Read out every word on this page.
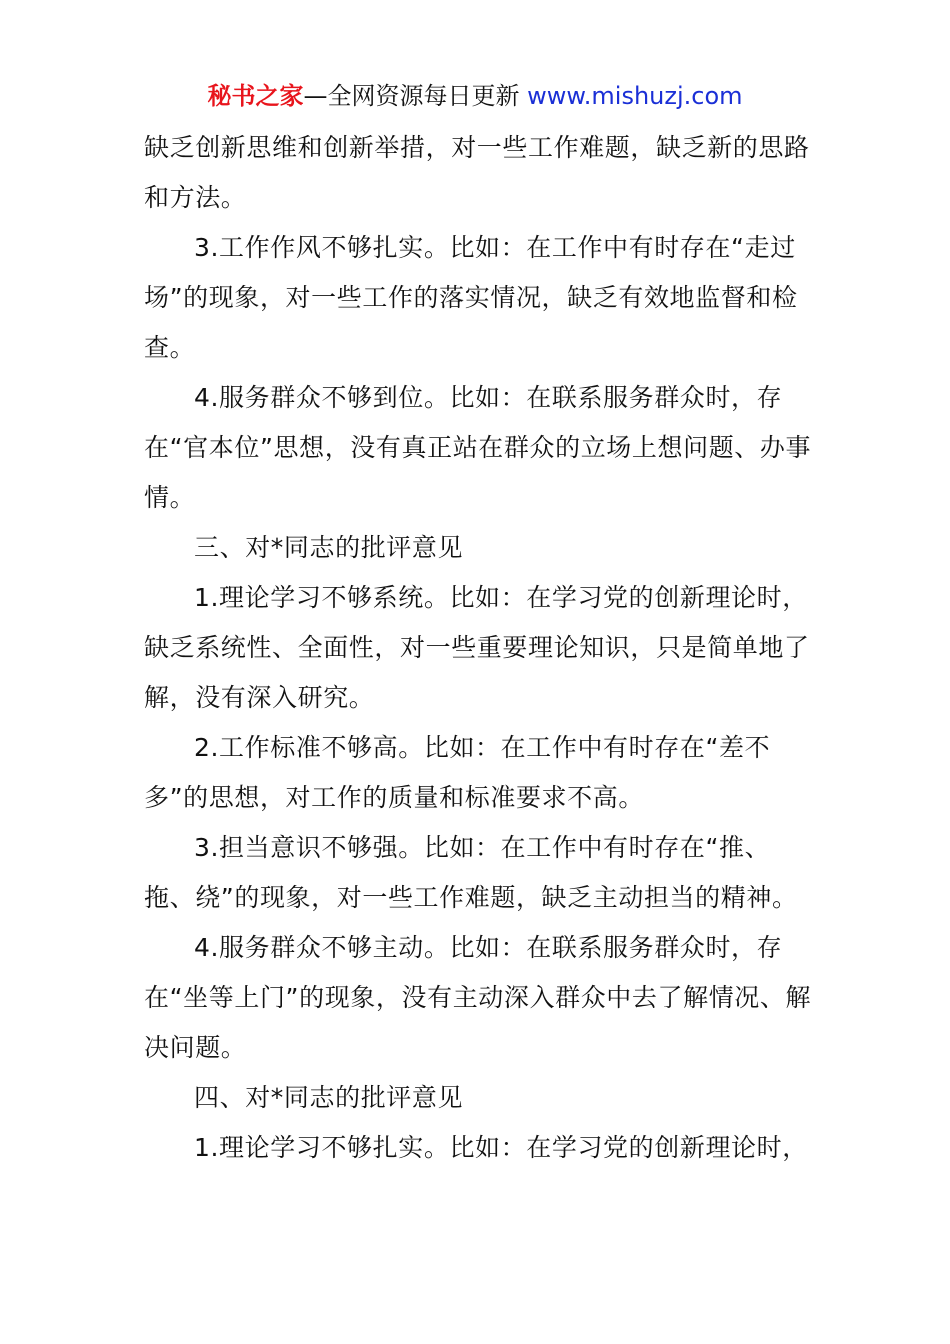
秘书之家—全网资源每日更新 www.mishuzj.com

缺乏创新思维和创新举措，对一些工作难题，缺乏新的思路和方法。

3.工作作风不够扎实。比如：在工作中有时存在“走过场”的现象，对一些工作的落实情况，缺乏有效地监督和检查。

4.服务群众不够到位。比如：在联系服务群众时，存在“官本位”思想，没有真正站在群众的立场上想问题、办事情。

三、对*同志的批评意见

1.理论学习不够系统。比如：在学习党的创新理论时，缺乏系统性、全面性，对一些重要理论知识，只是简单地了解，没有深入研究。

2.工作标准不够高。比如：在工作中有时存在“差不多”的思想，对工作的质量和标准要求不高。

3.担当意识不够强。比如：在工作中有时存在“推、拖、绕”的现象，对一些工作难题，缺乏主动担当的精神。

4.服务群众不够主动。比如：在联系服务群众时，存在“坐等上门”的现象，没有主动深入群众中去了解情况、解决问题。

四、对*同志的批评意见

1.理论学习不够扎实。比如：在学习党的创新理论时，
